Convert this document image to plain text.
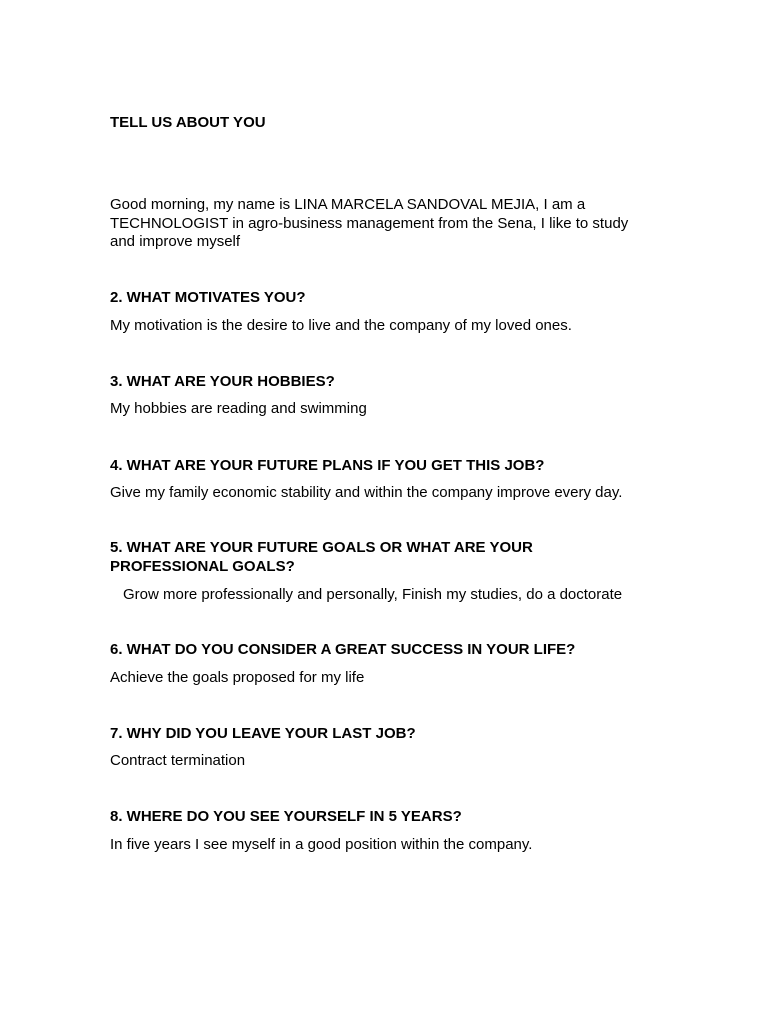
TELL US ABOUT YOU

Good morning, my name is LINA MARCELA SANDOVAL MEJIA, I am a TECHNOLOGIST in agro-business management from the Sena, I like to study and improve myself

2. WHAT MOTIVATES YOU?

My motivation is the desire to live and the company of my loved ones.

3. WHAT ARE YOUR HOBBIES?

My hobbies are reading and swimming

4. WHAT ARE YOUR FUTURE PLANS IF YOU GET THIS JOB?

Give my family economic stability and within the company improve every day.

5. WHAT ARE YOUR FUTURE GOALS OR WHAT ARE YOUR PROFESSIONAL GOALS?

Grow more professionally and personally, Finish my studies, do a doctorate

6. WHAT DO YOU CONSIDER A GREAT SUCCESS IN YOUR LIFE?

Achieve the goals proposed for my life

7. WHY DID YOU LEAVE YOUR LAST JOB?

Contract termination

8. WHERE DO YOU SEE YOURSELF IN 5 YEARS?

In five years I see myself in a good position within the company.
